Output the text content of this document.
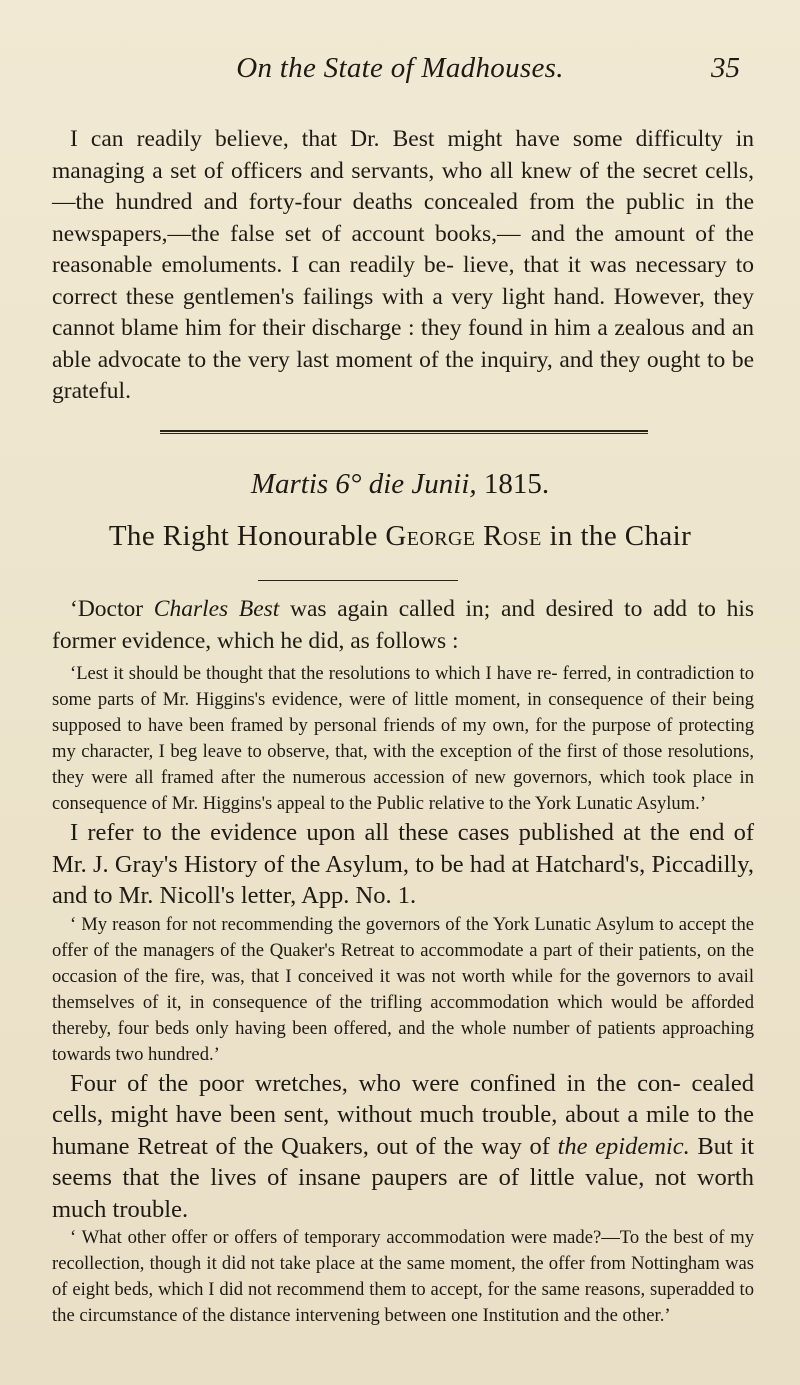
On the State of Madhouses.	35

I can readily believe, that Dr. Best might have some difficulty in managing a set of officers and servants, who all knew of the secret cells,—the hundred and forty-four deaths concealed from the public in the newspapers,—the false set of account books,— and the amount of the reasonable emoluments. I can readily be- lieve, that it was necessary to correct these gentlemen's failings with a very light hand. However, they cannot blame him for their discharge : they found in him a zealous and an able advocate to the very last moment of the inquiry, and they ought to be grateful.

Martis 6° die Junii, 1815.
The Right Honourable George Rose in the Chair

‘Doctor Charles Best was again called in; and desired to add to his former evidence, which he did, as follows :

‘Lest it should be thought that the resolutions to which I have re- ferred, in contradiction to some parts of Mr. Higgins's evidence, were of little moment, in consequence of their being supposed to have been framed by personal friends of my own, for the purpose of protecting my character, I beg leave to observe, that, with the exception of the first of those resolutions, they were all framed after the numerous accession of new governors, which took place in consequence of Mr. Higgins's appeal to the Public relative to the York Lunatic Asylum.’

I refer to the evidence upon all these cases published at the end of Mr. J. Gray's History of the Asylum, to be had at Hatchard's, Piccadilly, and to Mr. Nicoll's letter, App. No. 1.

‘ My reason for not recommending the governors of the York Lunatic Asylum to accept the offer of the managers of the Quaker's Retreat to accommodate a part of their patients, on the occasion of the fire, was, that I conceived it was not worth while for the governors to avail themselves of it, in consequence of the trifling accommodation which would be afforded thereby, four beds only having been offered, and the whole number of patients approaching towards two hundred.’

Four of the poor wretches, who were confined in the con- cealed cells, might have been sent, without much trouble, about a mile to the humane Retreat of the Quakers, out of the way of the epidemic. But it seems that the lives of insane paupers are of little value, not worth much trouble.

‘ What other offer or offers of temporary accommodation were made?—To the best of my recollection, though it did not take place at the same moment, the offer from Nottingham was of eight beds, which I did not recommend them to accept, for the same reasons, superadded to the circumstance of the distance intervening between one Institution and the other.’
